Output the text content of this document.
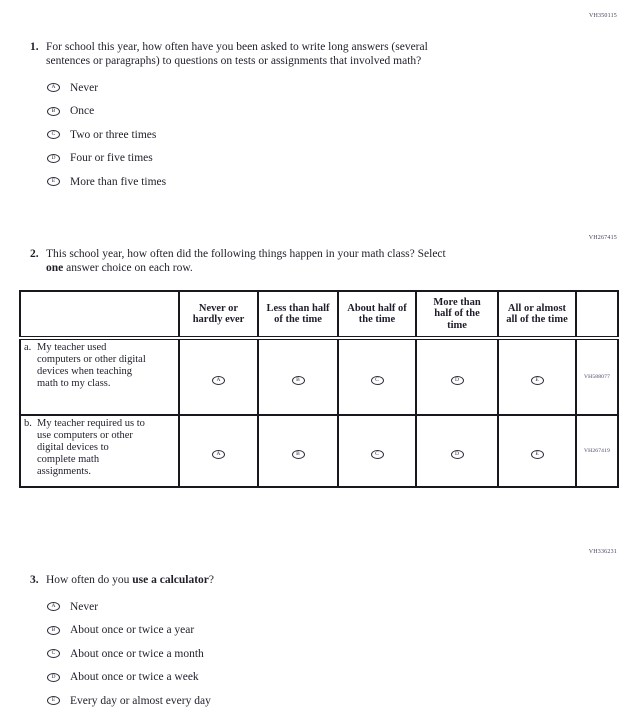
VH350115
1. For school this year, how often have you been asked to write long answers (several
sentences or paragraphs) to questions on tests or assignments that involved math?
A Never
B Once
C Two or three times
D Four or five times
E More than five times
VH267415
2. This school year, how often did the following things happen in your math class? Select
one answer choice on each row.
	Never or hardly ever	Less than half of the time	About half of the time	More than half of the time	All or almost all of the time	

a. My teacher used computers or other digital devices when teaching math to my class.	A	B	C	D	E	VH588077

b. My teacher required us to use computers or other digital devices to complete math assignments.	A	B	C	D	E	VH267419
VH336231
3. How often do you use a calculator?
A Never
B About once or twice a year
C About once or twice a month
D About once or twice a week
E Every day or almost every day
